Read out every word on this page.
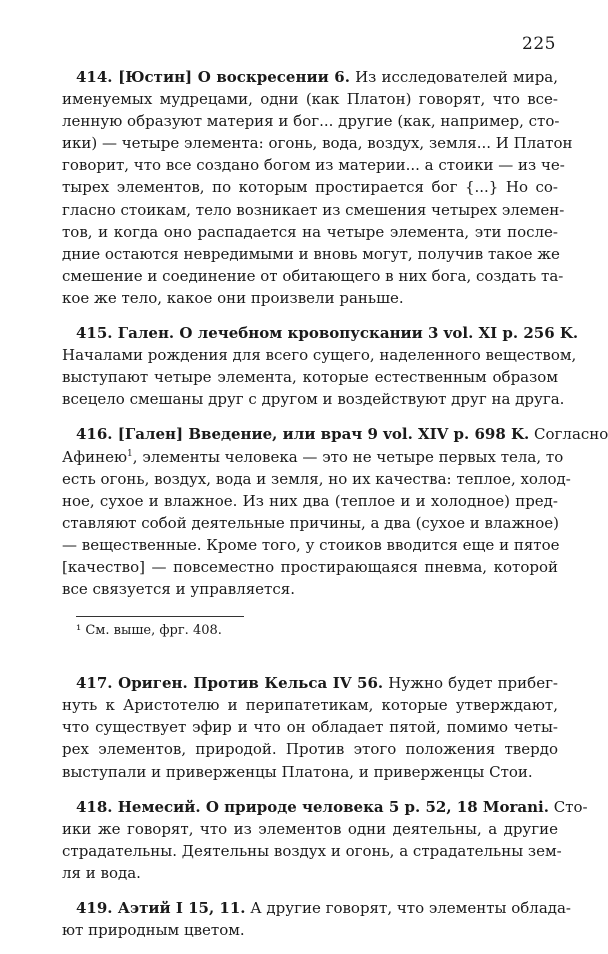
225
414. [Юстин] О воскресении 6. Из исследователей мира,
именуемых мудрецами, одни (как Платон) говорят, что все-
ленную образуют материя и бог... другие (как, например, сто-
ики) — четыре элемента: огонь, вода, воздух, земля... И Платон
говорит, что все создано богом из материи... а стоики — из че-
тырех элементов, по которым простирается бог {...} Но со-
гласно стоикам, тело возникает из смешения четырех элемен-
тов, и когда оно распадается на четыре элемента, эти после-
дние остаются невредимыми и вновь могут, получив такое же
смешение и соединение от обитающего в них бога, создать та-
кое же тело, какое они произвели раньше.
415. Гален. О лечебном кровопускании 3 vol. XI p. 256 K.
Началами рождения для всего сущего, наделенного веществом,
выступают четыре элемента, которые естественным образом
всецело смешаны друг с другом и воздействуют друг на друга.
416. [Гален] Введение, или врач 9 vol. XIV p. 698 K. Согласно
Афинею$^1$, элементы человека — это не четыре первых тела, то
есть огонь, воздух, вода и земля, но их качества: теплое, холод-
ное, сухое и влажное. Из них два (теплое и и холодное) пред-
ставляют собой деятельные причины, а два (сухое и влажное)
— вещественные. Кроме того, у стоиков вводится еще и пятое
[качество] — повсеместно простирающаяся пневма, которой
все связуется и управляется.
¹ См. выше, фрг. 408.
417. Ориген. Против Кельса IV 56. Нужно будет прибег-
нуть к Аристотелю и перипатетикам, которые утверждают,
что существует эфир и что он обладает пятой, помимо четы-
рех элементов, природой. Против этого положения твердо
выступали и приверженцы Платона, и приверженцы Стои.
418. Немесий. О природе человека 5 p. 52, 18 Morani. Сто-
ики же говорят, что из элементов одни деятельны, а другие
страдательны. Деятельны воздух и огонь, а страдательны зем-
ля и вода.
419. Аэтий I 15, 11. А другие говорят, что элементы облада-
ют природным цветом.
